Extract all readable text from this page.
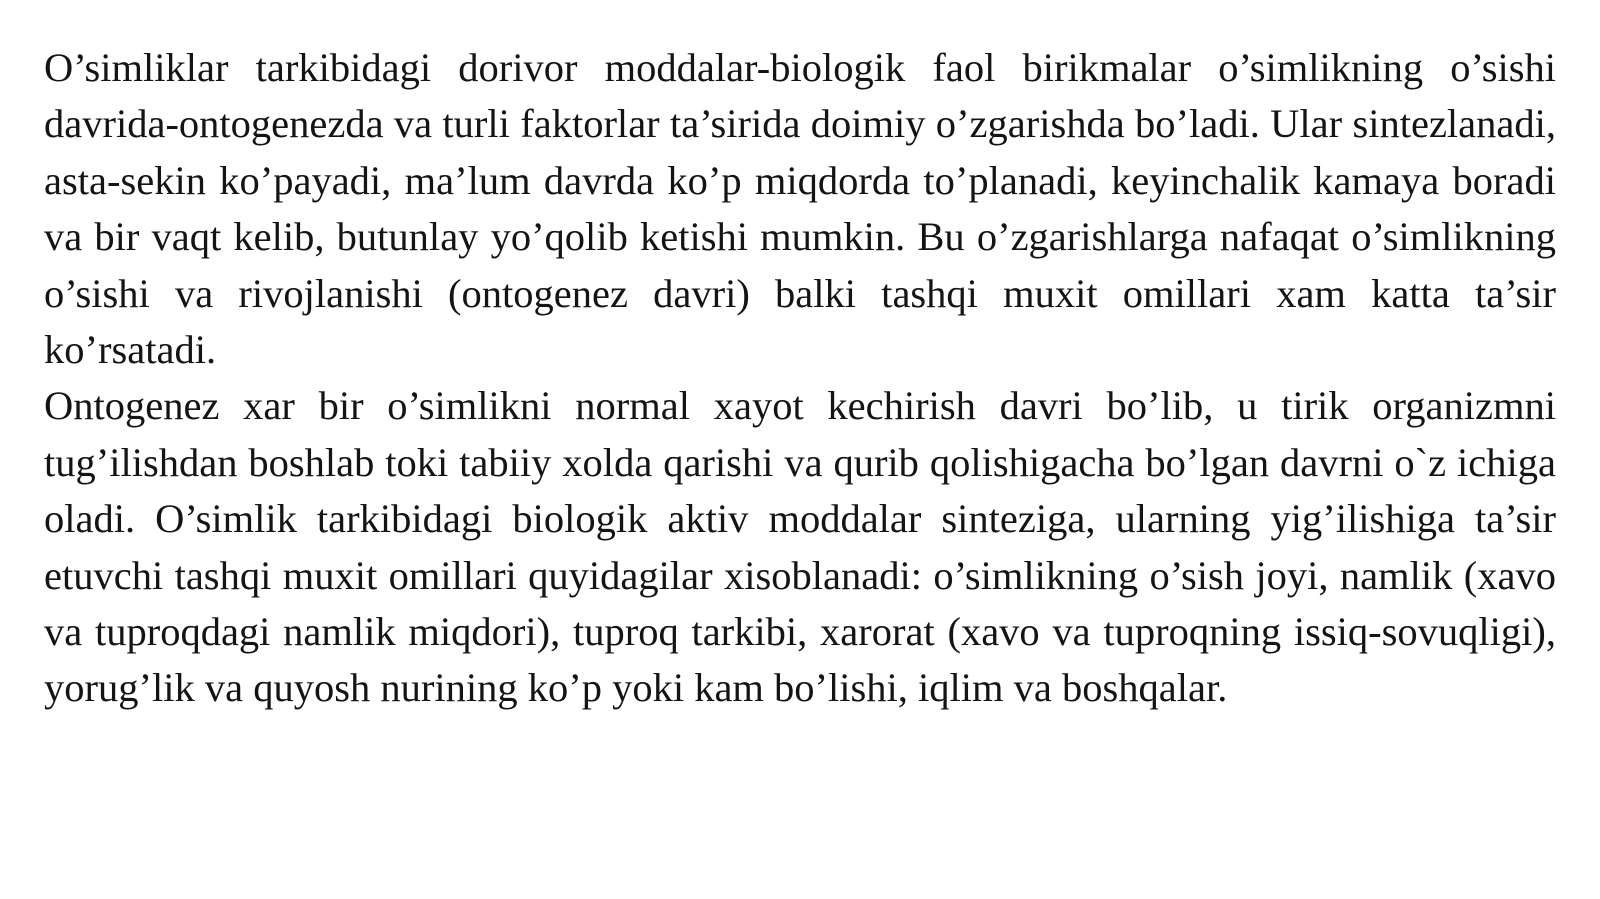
O’simliklar tarkibidagi dorivor moddalar-biologik faol birikmalar o’simlikning o’sishi davrida-ontogenezda va turli faktorlar ta’sirida doimiy o’zgarishda bo’ladi. Ular sintezlanadi, asta-sekin ko’payadi, ma’lum davrda ko’p miqdorda to’planadi, keyinchalik kamaya boradi va bir vaqt kelib, butunlay yo’qolib ketishi mumkin. Bu o’zgarishlarga nafaqat o’simlikning o’sishi va rivojlanishi (ontogenez davri) balki tashqi muxit omillari xam katta ta’sir ko’rsatadi.

Ontogenez xar bir o’simlikni normal xayot kechirish davri bo’lib, u tirik organizmni tug’ilishdan boshlab toki tabiiy xolda qarishi va qurib qolishigacha bo’lgan davrni o`z ichiga oladi. O’simlik tarkibidagi biologik aktiv moddalar sinteziga, ularning yig’ilishiga ta’sir etuvchi tashqi muxit omillari quyidagilar xisoblanadi: o’simlikning o’sish joyi, namlik (xavo va tuproqdagi namlik miqdori), tuproq tarkibi, xarorat (xavo va tuproqning issiq-sovuqligi), yorug’lik va quyosh nurining ko’p yoki kam bo’lishi, iqlim va boshqalar.
